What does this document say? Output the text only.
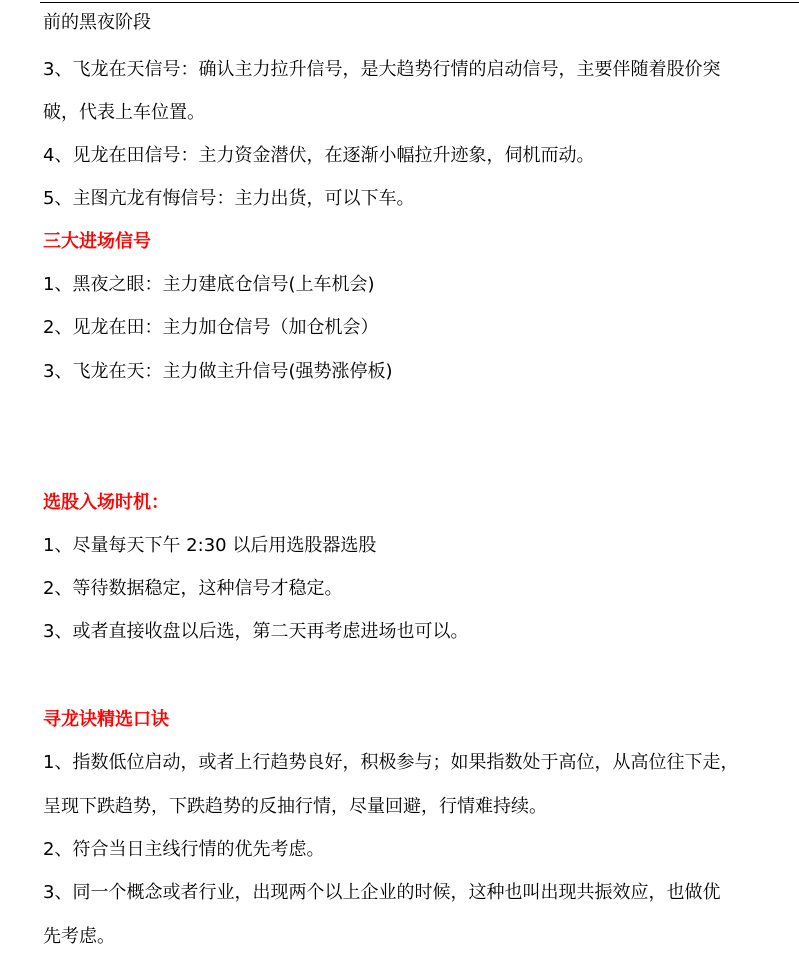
前的黑夜阶段
3、飞龙在天信号：确认主力拉升信号，是大趋势行情的启动信号，主要伴随着股价突
破，代表上车位置。
4、见龙在田信号：主力资金潜伏，在逐渐小幅拉升迹象，伺机而动。
5、主图亢龙有悔信号：主力出货，可以下车。
三大进场信号
1、黑夜之眼：主力建底仓信号(上车机会)
2、见龙在田：主力加仓信号（加仓机会）
3、飞龙在天：主力做主升信号(强势涨停板)
选股入场时机：
1、尽量每天下午 2:30 以后用选股器选股
2、等待数据稳定，这种信号才稳定。
3、或者直接收盘以后选，第二天再考虑进场也可以。
寻龙诀精选口诀
1、指数低位启动，或者上行趋势良好，积极参与；如果指数处于高位，从高位往下走，
呈现下跌趋势，下跌趋势的反抽行情，尽量回避，行情难持续。
2、符合当日主线行情的优先考虑。
3、同一个概念或者行业，出现两个以上企业的时候，这种也叫出现共振效应，也做优
先考虑。
